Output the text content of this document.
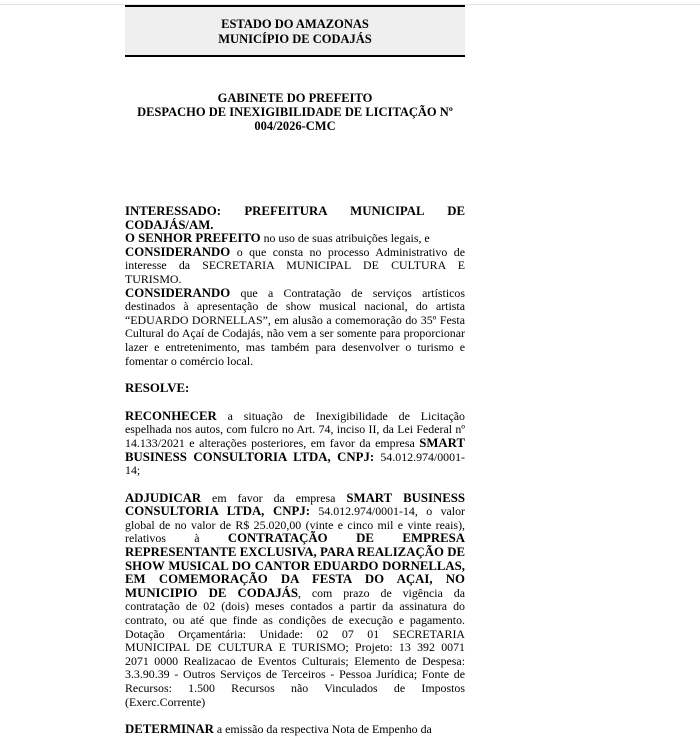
ESTADO DO AMAZONAS
MUNICÍPIO DE CODAJÁS
GABINETE DO PREFEITO
DESPACHO DE INEXIGIBILIDADE DE LICITAÇÃO Nº
004/2026-CMC

INTERESSADO: PREFEITURA MUNICIPAL DE CODAJÁS/AM.

O SENHOR PREFEITO no uso de suas atribuições legais, e

CONSIDERANDO o que consta no processo Administrativo de interesse da SECRETARIA MUNICIPAL DE CULTURA E TURISMO.

CONSIDERANDO que a Contratação de serviços artísticos destinados à apresentação de show musical nacional, do artista “EDUARDO DORNELLAS”, em alusão a comemoração do 35º Festa Cultural do Açaí de Codajás, não vem a ser somente para proporcionar lazer e entretenimento, mas também para desenvolver o turismo e fomentar o comércio local.

RESOLVE:

RECONHECER a situação de Inexigibilidade de Licitação espelhada nos autos, com fulcro no Art. 74, inciso II, da Lei Federal nº 14.133/2021 e alterações posteriores, em favor da empresa SMART BUSINESS CONSULTORIA LTDA, CNPJ: 54.012.974/0001-14;

ADJUDICAR em favor da empresa SMART BUSINESS CONSULTORIA LTDA, CNPJ: 54.012.974/0001-14, o valor global de no valor de R$ 25.020,00 (vinte e cinco mil e vinte reais), relativos à CONTRATAÇÃO DE EMPRESA REPRESENTANTE EXCLUSIVA, PARA REALIZAÇÃO DE SHOW MUSICAL DO CANTOR EDUARDO DORNELLAS, EM COMEMORAÇÃO DA FESTA DO AÇAI, NO MUNICIPIO DE CODAJÁS, com prazo de vigência da contratação de 02 (dois) meses contados a partir da assinatura do contrato, ou até que finde as condições de execução e pagamento. Dotação Orçamentária: Unidade: 02 07 01 SECRETARIA MUNICIPAL DE CULTURA E TURISMO; Projeto: 13 392 0071 2071 0000 Realizacao de Eventos Culturais; Elemento de Despesa: 3.3.90.39 - Outros Serviços de Terceiros - Pessoa Jurídica; Fonte de Recursos: 1.500 Recursos não Vinculados de Impostos (Exerc.Corrente)

DETERMINAR a emissão da respectiva Nota de Empenho da
